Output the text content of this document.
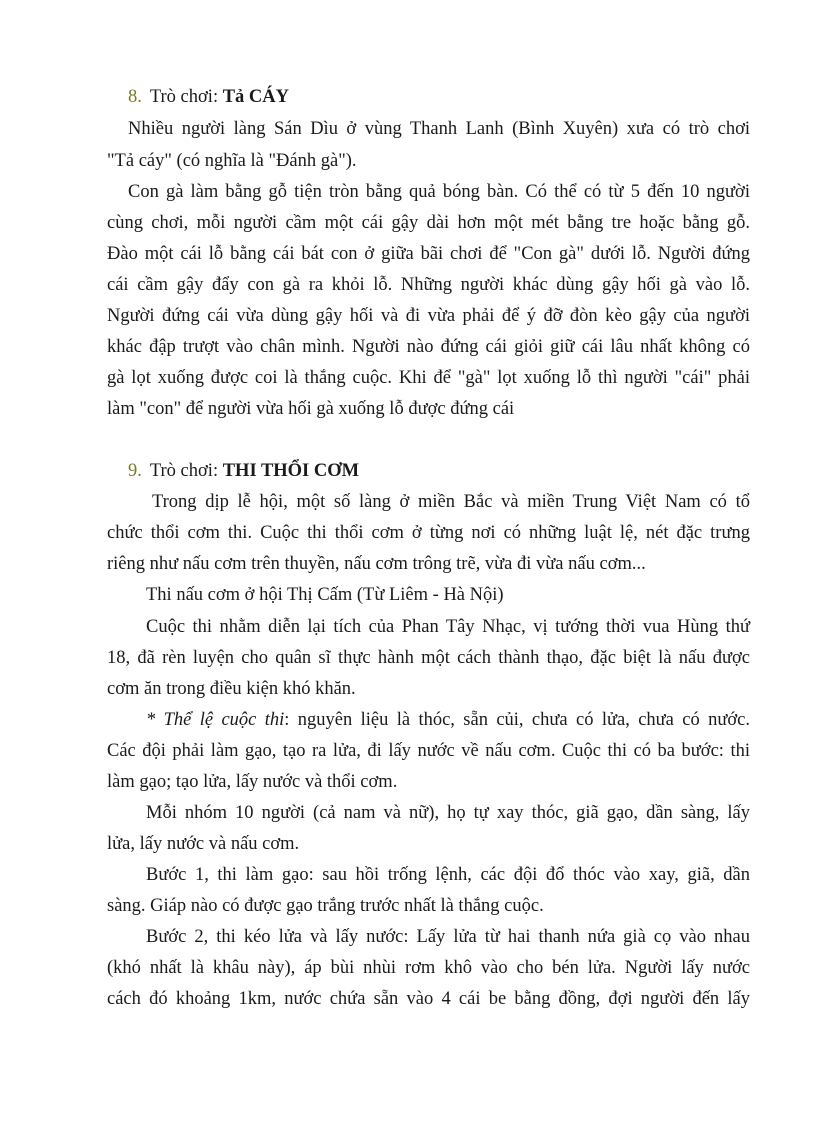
8. Trò chơi: Tả CÁY
Nhiều người làng Sán Dìu ở vùng Thanh Lanh (Bình Xuyên) xưa có trò chơi
"Tả cáy" (có nghĩa là "Đánh gà").
Con gà làm bằng gỗ tiện tròn bằng quả bóng bàn. Có thể có từ 5 đến 10 người
cùng chơi, mỗi người cầm một cái gậy dài hơn một mét bằng tre hoặc bằng gỗ.
Đào một cái lỗ bằng cái bát con ở giữa bãi chơi để "Con gà" dưới lỗ. Người đứng
cái cầm gậy đẩy con gà ra khỏi lỗ. Những người khác dùng gậy hối gà vào lỗ.
Người đứng cái vừa dùng gậy hối và đi vừa phải để ý đỡ đòn kèo gậy của người
khác đập trượt vào chân mình. Người nào đứng cái giỏi giữ cái lâu nhất không có
gà lọt xuống được coi là thắng cuộc. Khi để "gà" lọt xuống lỗ thì người "cái" phải
làm "con" để người vừa hối gà xuống lỗ được đứng cái
9. Trò chơi: THI THỔI CƠM
Trong dịp lễ hội, một số làng ở miền Bắc và miền Trung Việt Nam có tổ
chức thổi cơm thi. Cuộc thi thổi cơm ở từng nơi có những luật lệ, nét đặc trưng
riêng như nấu cơm trên thuyền, nấu cơm trông trẽ, vừa đi vừa nấu cơm...
Thi nấu cơm ở hội Thị Cấm (Từ Liêm - Hà Nội)
Cuộc thi nhằm diễn lại tích của Phan Tây Nhạc, vị tướng thời vua Hùng thứ
18, đã rèn luyện cho quân sĩ thực hành một cách thành thạo, đặc biệt là nấu được
cơm ăn trong điều kiện khó khăn.
* Thể lệ cuộc thi: nguyên liệu là thóc, sẵn củi, chưa có lửa, chưa có nước.
Các đội phải làm gạo, tạo ra lửa, đi lấy nước về nấu cơm. Cuộc thi có ba bước: thi
làm gạo; tạo lửa, lấy nước và thổi cơm.
Mỗi nhóm 10 người (cả nam và nữ), họ tự xay thóc, giã gạo, dần sàng, lấy
lửa, lấy nước và nấu cơm.
Bước 1, thi làm gạo: sau hồi trống lệnh, các đội đổ thóc vào xay, giã, dần
sàng. Giáp nào có được gạo trắng trước nhất là thắng cuộc.
Bước 2, thi kéo lửa và lấy nước: Lấy lửa từ hai thanh nứa già cọ vào nhau
(khó nhất là khâu này), áp bùi nhùi rơm khô vào cho bén lửa. Người lấy nước
cách đó khoảng 1km, nước chứa sẵn vào 4 cái be bằng đồng, đợi người đến lấy
